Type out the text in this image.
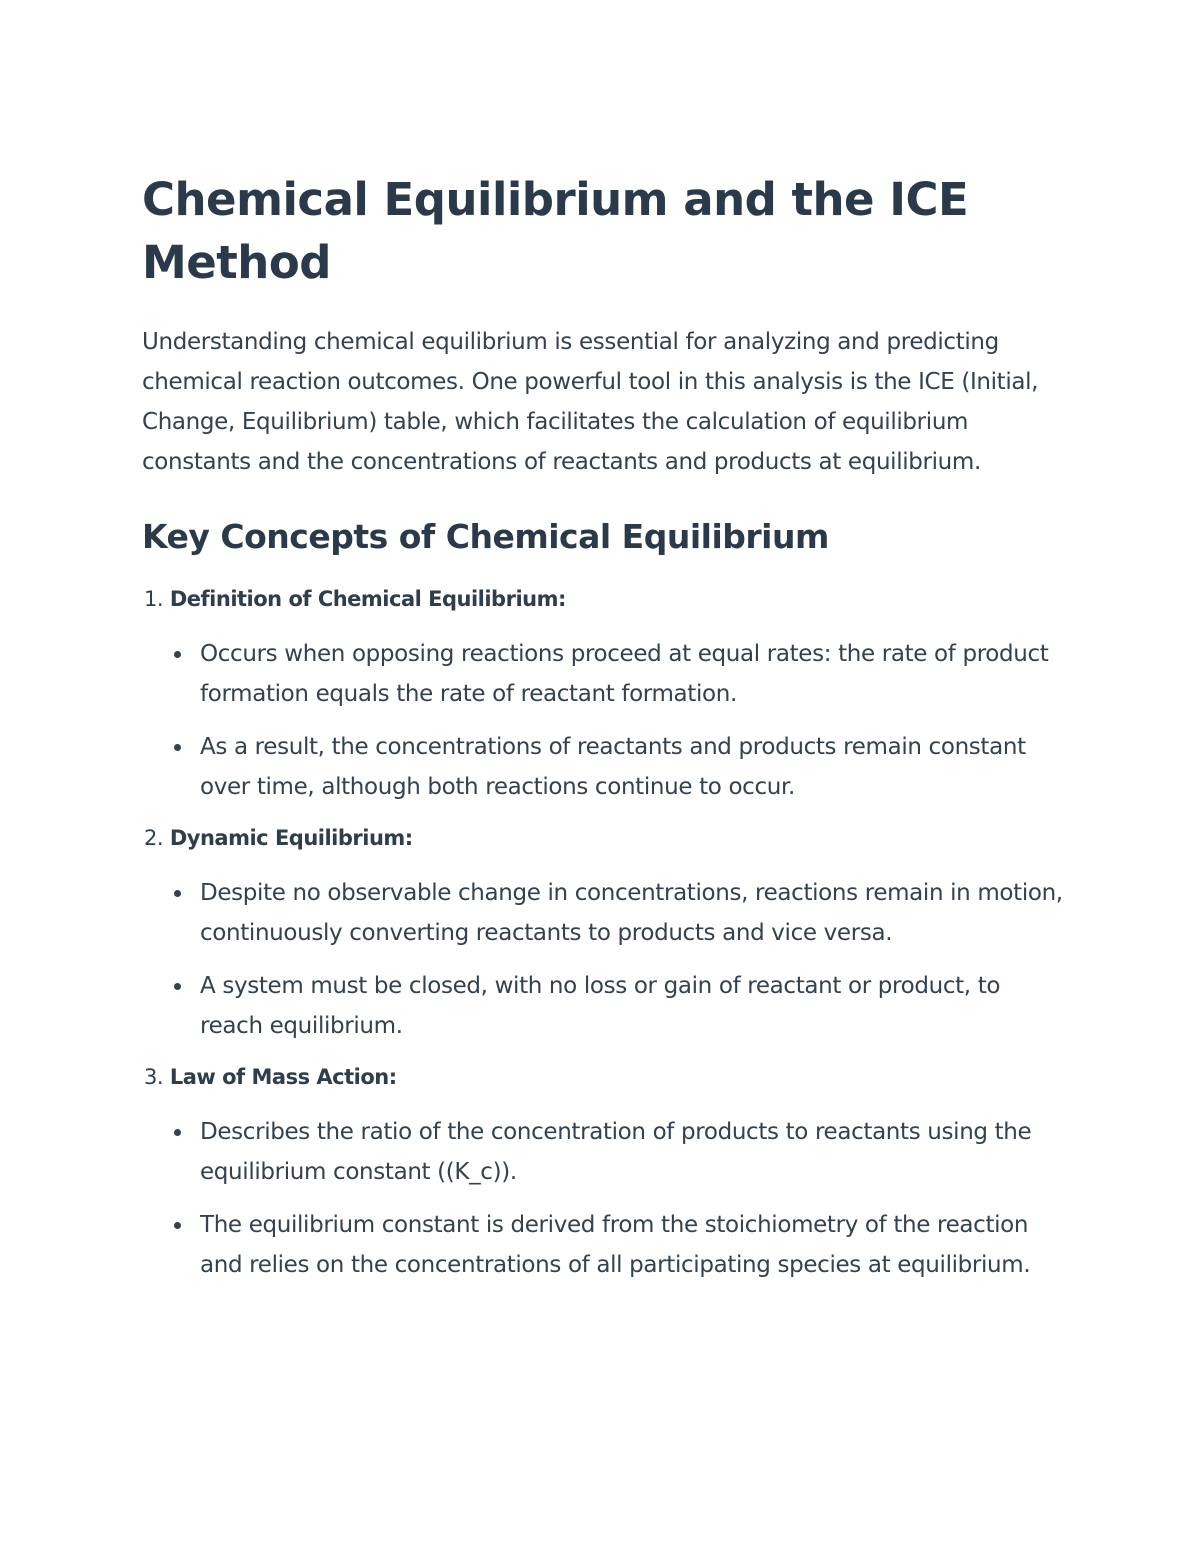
Chemical Equilibrium and the ICE Method

Understanding chemical equilibrium is essential for analyzing and predicting chemical reaction outcomes. One powerful tool in this analysis is the ICE (Initial, Change, Equilibrium) table, which facilitates the calculation of equilibrium constants and the concentrations of reactants and products at equilibrium.

Key Concepts of Chemical Equilibrium
1. Definition of Chemical Equilibrium:
Occurs when opposing reactions proceed at equal rates: the rate of product formation equals the rate of reactant formation.
As a result, the concentrations of reactants and products remain constant over time, although both reactions continue to occur.
2. Dynamic Equilibrium:
Despite no observable change in concentrations, reactions remain in motion, continuously converting reactants to products and vice versa.
A system must be closed, with no loss or gain of reactant or product, to reach equilibrium.
3. Law of Mass Action:
Describes the ratio of the concentration of products to reactants using the equilibrium constant ((K_c)).
The equilibrium constant is derived from the stoichiometry of the reaction and relies on the concentrations of all participating species at equilibrium.
